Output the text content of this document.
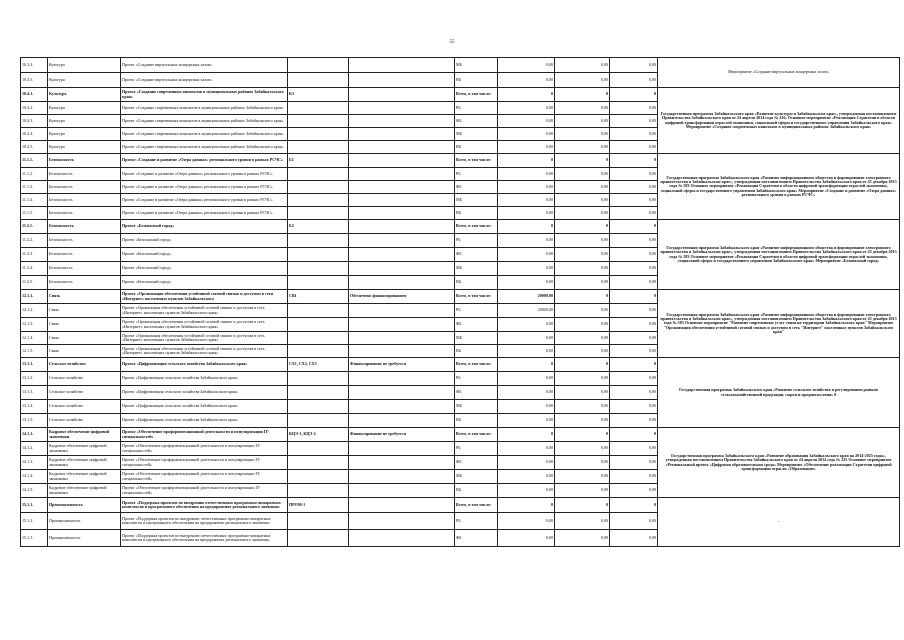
55
10.3.4.	Культура	Проект «Создание виртуальных концертных залов»			МБ	0,00	0,00	0,00	Мероприятие «Создание виртуальных концертных залов»
10.3.5.	Культура	Проект «Создание виртуальных концертных залов»			ВБ	0,00	0,00	0,00	
10.4.1.	Культура	Проект «Создание современных кинозалов в муниципальных районах Забайкальского края»	К3		Всего, в том числе:	0	0	0	Государственная программа Забайкальского края «Развитие культуры в Забайкальском крае», утвержденная постановлением Правительства Забайкальского края от 24 апреля 2014 года № 236; Основное мероприятие «Реализация Стратегии в области цифровой трансформации отраслей экономики, социальной сферы и государственного управления Забайкальского края» Мероприятие «Создание современных кинозалов в муниципальных районах Забайкальского края»
10.4.2.	Культура	Проект «Создание современных кинозалов в муниципальных районах Забайкальского края»			РБ	0,00	0,00	0,00	
10.4.3.	Культура	Проект «Создание современных кинозалов в муниципальных районах Забайкальского края»			ФБ	0,00	0,00	0,00	
10.4.4.	Культура	Проект «Создание современных кинозалов в муниципальных районах Забайкальского края»			МБ	0,00	0,00	0,00	
10.4.5.	Культура	Проект «Создание современных кинозалов в муниципальных районах Забайкальского края»			ВБ	0,00	0,00	0,00	
11.1.1.	Безопасность	Проект «Создание и развитие «Озера данных» регионального уровня в рамках РСЧС»	Б1		Всего, в том числе:	0	0	0	Государственная программа Забайкальского края «Развитие информационного общества и формирование электронного правительства в Забайкальском крае», утвержденная постановлением Правительства Забайкальского края от 25 декабря 2013 года № 583 Основное мероприятие «Реализация Стратегии в области цифровой трансформации отраслей экономики, социальной сферы и государственного управления Забайкальского края» Мероприятие «Создание и развитие «Озера данных» регионального уровня в рамках РСЧС»
11.1.2.	Безопасность	Проект «Создание и развитие «Озера данных» регионального уровня в рамках РСЧС»			РБ	0,00	0,00	0,00	
11.1.3.	Безопасность	Проект «Создание и развитие «Озера данных» регионального уровня в рамках РСЧС»			ФБ	0,00	0,00	0,00	
11.1.4.	Безопасность	Проект «Создание и развитие «Озера данных» регионального уровня в рамках РСЧС»			МБ	0,00	0,00	0,00	
11.1.5.	Безопасность	Проект «Создание и развитие «Озера данных» регионального уровня в рамках РСЧС»			ВБ	0,00	0,00	0,00	
11.2.1.	Безопасность	Проект «Безопасный город»	Б2		Всего, в том числе:	0	0	0	Государственная программа Забайкальского края «Развитие информационного общества и формирование электронного правительства в Забайкальском крае», утвержденная постановлением Правительства Забайкальского края от 25 декабря 2013 года № 583 Основное мероприятие «Реализация Стратегии в области цифровой трансформации отраслей экономики, социальной сферы и государственного управления Забайкальского края» Мероприятие «Безопасный город»
11.2.2.	Безопасность	Проект «Безопасный город»			РБ	0,00	0,00	0,00	
11.2.3.	Безопасность	Проект «Безопасный город»			ФБ	0,00	0,00	0,00	
11.2.4.	Безопасность	Проект «Безопасный город»			МБ	0,00	0,00	0,00	
11.2.5.	Безопасность	Проект «Безопасный город»			ВБ	0,00	0,00	0,00	
12.1.1.	Связь	Проект «Организация обеспечения устойчивой сотовой связью и доступом в сети «Интернет» населенных пунктов Забайкальского	СВ1	Обеспечено финансированием	Всего, в том числе:	20000,00	0	0	Государственная программа Забайкальского края «Развитие информационного общества и формирование электронного правительства в Забайкальском крае», утвержденная постановлением Правительства Забайкальского края от 25 декабря 2013 года № 583 Основное мероприятие "Развитие современных услуг связи на территории Забайкальского края" Мероприятие "Организация обеспечения устойчивой сотовой связью и доступом в сеть "Интернет" населенных пунктов Забайкальского края"
12.1.2.	Связь	Проект «Организация обеспечения устойчивой сотовой связью и доступом в сеть «Интернет» населенных пунктов Забайкальского края»			РБ	20000,00	0,00	0,00	
12.1.3.	Связь	Проект «Организация обеспечения устойчивой сотовой связью и доступом в сеть «Интернет» населенных пунктов Забайкальского края»			ФБ	0,00	0,00	0,00	
12.1.4.	Связь	Проект «Организация обеспечения устойчивой сотовой связью и доступом в сеть «Интернет» населенных пунктов Забайкальского края»			МБ	0,00	0,00	0,00	
12.1.5.	Связь	Проект «Организация обеспечения устойчивой сотовой связью и доступом в сеть «Интернет» населенных пунктов Забайкальского края»			ВБ	0,00	0,00	0,00	
13.1.1.	Сельское хозяйство	Проект «Цифровизация сельского хозяйства Забайкальского края»	СХ1, СХ2, СХ3	Финансирование не требуется	Всего, в том числе:	0	0	0	Государственная программа Забайкальского края «Развитие сельского хозяйства и регулирование рынков сельскохозяйственной продукции, сырья и продовольствия» 0
13.1.2.	Сельское хозяйство	Проект «Цифровизация сельского хозяйства Забайкальского края»			РБ	0,00	0,00	0,00	
13.1.3.	Сельское хозяйство	Проект «Цифровизация сельского хозяйства Забайкальского края»			ФБ	0,00	0,00	0,00	
13.1.4.	Сельское хозяйство	Проект «Цифровизация сельского хозяйства Забайкальского края»			МБ	0,00	0,00	0,00	
13.1.5.	Сельское хозяйство	Проект «Цифровизация сельского хозяйства Забайкальского края»			ВБ	0,00	0,00	0,00	
14.1.1.	Кадровое обеспечение цифровой экономики	Проект «Обеспечение профориентационной деятельности и популяризации IT-специальностей»	КЦЭ-1, КЦЭ-2	Финансирование не требуется	Всего, в том числе:	0	0	0	Государственная программа Забайкальского края «Развитие образования Забайкальского края на 2014-2025 годы», утвержденная постановлением Правительства Забайкальского края от 24 апреля 2014 года № 225 Основное мероприятие «Региональный проект «Цифровая образовательная среда» Мероприятие «Обеспечение реализации Стратегии цифровой трансформации отрасли «Образование»
14.1.2.	Кадровое обеспечение цифровой экономики	Проект «Обеспечение профориентационной деятельности и популяризации IT-специальностей»			РБ	0,00	0,00	0,00	
14.1.3.	Кадровое обеспечение цифровой экономики	Проект «Обеспечение профориентационной деятельности и популяризации IT-специальностей»			ФБ	0,00	0,00	0,00	
14.1.4.	Кадровое обеспечение цифровой экономики	Проект «Обеспечение профориентационной деятельности и популяризации IT-специальностей»			МБ	0,00	0,00	0,00	
14.1.5.	Кадровое обеспечение цифровой экономики	Проект «Обеспечение профориентационной деятельности и популяризации IT-специальностей»			ВБ	0,00	0,00	0,00	
15.1.1.	Промышленность	Проект «Поддержка проектов по внедрению отечественных программно-аппаратных комплексов и программного обеспечения на предприятиях регионального значения»	ПРОМ-1		Всего, в том числе:	0	0	0	-
15.1.2.	Промышленность	Проект «Поддержка проектов по внедрению отечественных программно-аппаратных комплексов и программного обеспечения на предприятиях регионального значения»			РБ	0,00	0,00	0,00	
15.1.3.	Промышленность	Проект «Поддержка проектов по внедрению отечественных программно-аппаратных комплексов и программного обеспечения на предприятиях регионального значения»			ФБ	0,00	0,00	0,00	
